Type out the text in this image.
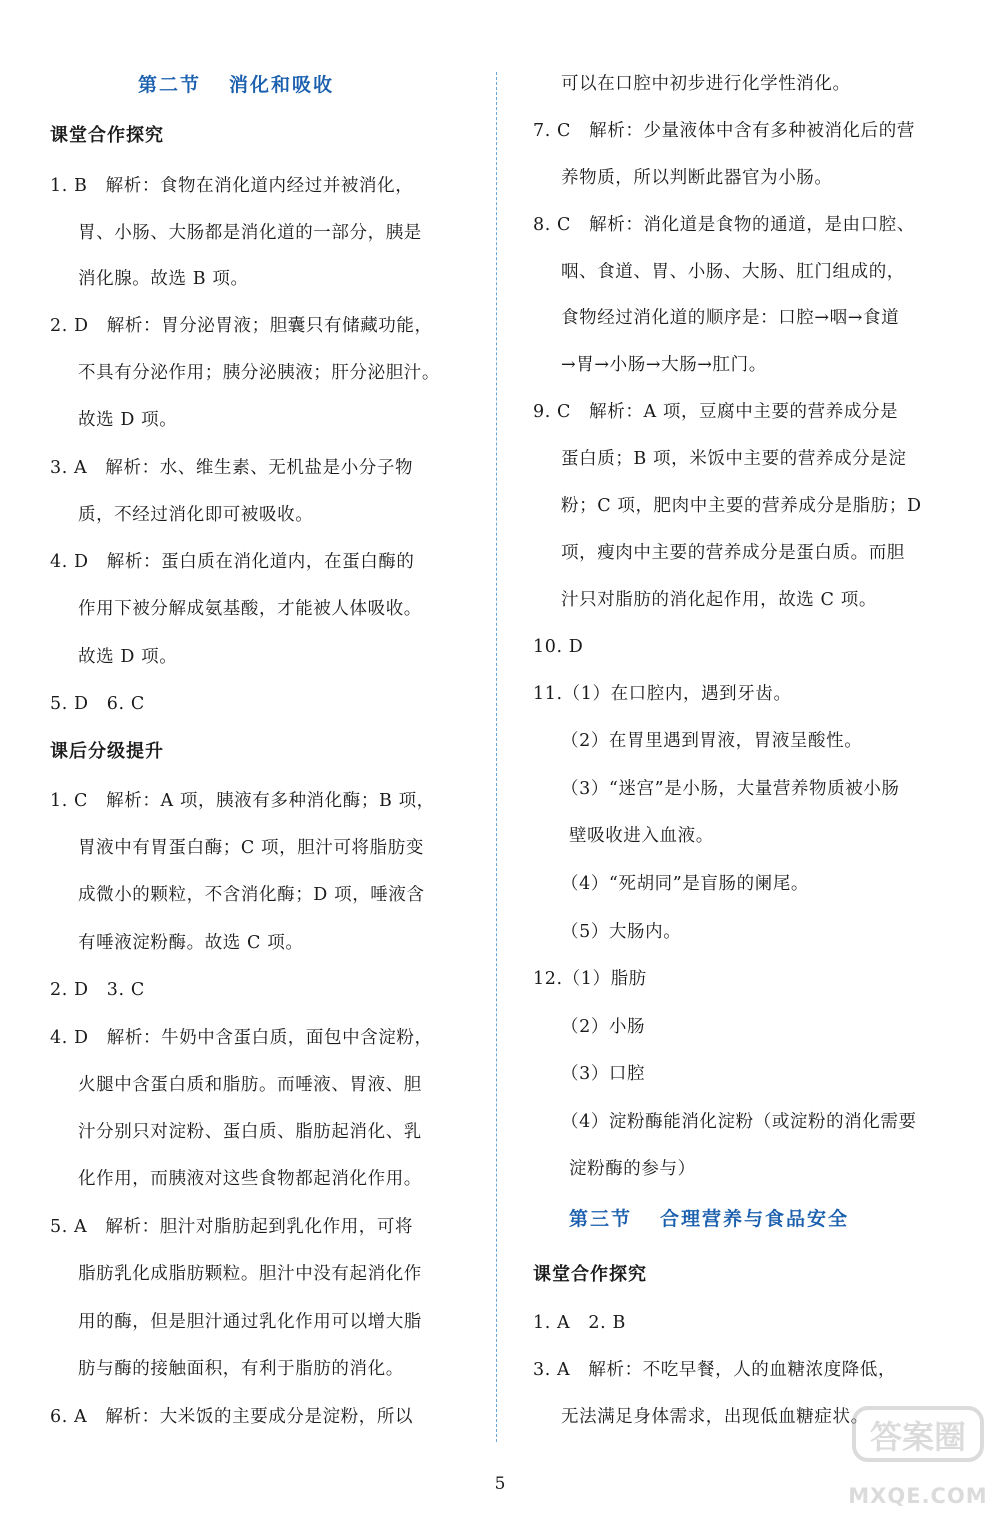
第二节 消化和吸收
课堂合作探究
1. B　解析：食物在消化道内经过并被消化，
胃、小肠、大肠都是消化道的一部分，胰是
消化腺。故选 B 项。
2. D　解析：胃分泌胃液；胆囊只有储藏功能，
不具有分泌作用；胰分泌胰液；肝分泌胆汁。
故选 D 项。
3. A　解析：水、维生素、无机盐是小分子物
质，不经过消化即可被吸收。
4. D　解析：蛋白质在消化道内，在蛋白酶的
作用下被分解成氨基酸，才能被人体吸收。
故选 D 项。
5. D　6. C
课后分级提升
1. C　解析：A 项，胰液有多种消化酶；B 项，
胃液中有胃蛋白酶；C 项，胆汁可将脂肪变
成微小的颗粒，不含消化酶；D 项，唾液含
有唾液淀粉酶。故选 C 项。
2. D　3. C
4. D　解析：牛奶中含蛋白质，面包中含淀粉，
火腿中含蛋白质和脂肪。而唾液、胃液、胆
汁分别只对淀粉、蛋白质、脂肪起消化、乳
化作用，而胰液对这些食物都起消化作用。
5. A　解析：胆汁对脂肪起到乳化作用，可将
脂肪乳化成脂肪颗粒。胆汁中没有起消化作
用的酶，但是胆汁通过乳化作用可以增大脂
肪与酶的接触面积，有利于脂肪的消化。
6. A　解析：大米饭的主要成分是淀粉，所以
可以在口腔中初步进行化学性消化。
7. C　解析：少量液体中含有多种被消化后的营
养物质，所以判断此器官为小肠。
8. C　解析：消化道是食物的通道，是由口腔、
咽、食道、胃、小肠、大肠、肛门组成的，
食物经过消化道的顺序是：口腔→咽→食道
→胃→小肠→大肠→肛门。
9. C　解析：A 项，豆腐中主要的营养成分是
蛋白质；B 项，米饭中主要的营养成分是淀
粉；C 项，肥肉中主要的营养成分是脂肪；D
项，瘦肉中主要的营养成分是蛋白质。而胆
汁只对脂肪的消化起作用，故选 C 项。
10. D
11.（1）在口腔内，遇到牙齿。
（2）在胃里遇到胃液，胃液呈酸性。
（3）“迷宫”是小肠，大量营养物质被小肠
壁吸收进入血液。
（4）“死胡同”是盲肠的阑尾。
（5）大肠内。
12.（1）脂肪
（2）小肠
（3）口腔
（4）淀粉酶能消化淀粉（或淀粉的消化需要
淀粉酶的参与）
第三节 合理营养与食品安全
课堂合作探究
1. A　2. B
3. A　解析：不吃早餐，人的血糖浓度降低，
无法满足身体需求，出现低血糖症状。
5
答案圈
MXQE.COM
